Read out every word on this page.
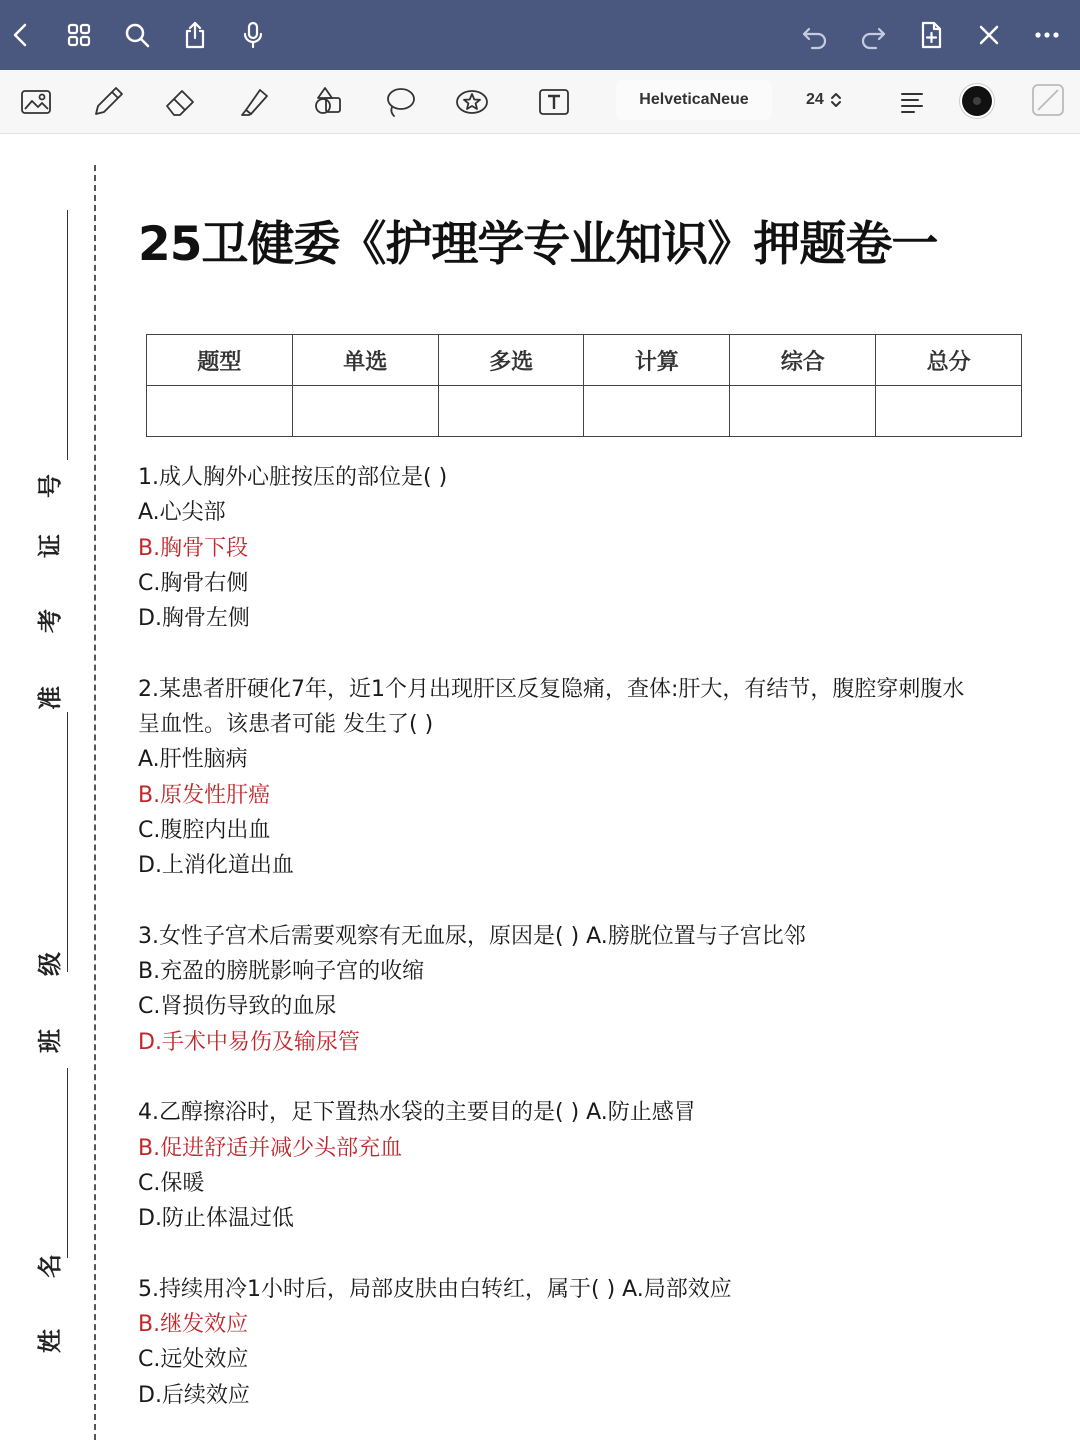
HelveticaNeue	24
号
证
考
准
级
班
名
姓
25卫健委《护理学专业知识》押题卷一
题型	单选	多选	计算	综合	总分

1.成人胸外心脏按压的部位是( )
A.心尖部
B.胸骨下段
C.胸骨右侧
D.胸骨左侧
2.某患者肝硬化7年，近1个月出现肝区反复隐痛，查体:肝大，有结节，腹腔穿刺腹水
呈血性。该患者可能 发生了( )
A.肝性脑病
B.原发性肝癌
C.腹腔内出血
D.上消化道出血
3.女性子宫术后需要观察有无血尿，原因是( ) A.膀胱位置与子宫比邻
B.充盈的膀胱影响子宫的收缩
C.肾损伤导致的血尿
D.手术中易伤及输尿管
4.乙醇擦浴时，足下置热水袋的主要目的是( ) A.防止感冒
B.促进舒适并减少头部充血
C.保暖
D.防止体温过低
5.持续用冷1小时后，局部皮肤由白转红，属于( ) A.局部效应
B.继发效应
C.远处效应
D.后续效应
